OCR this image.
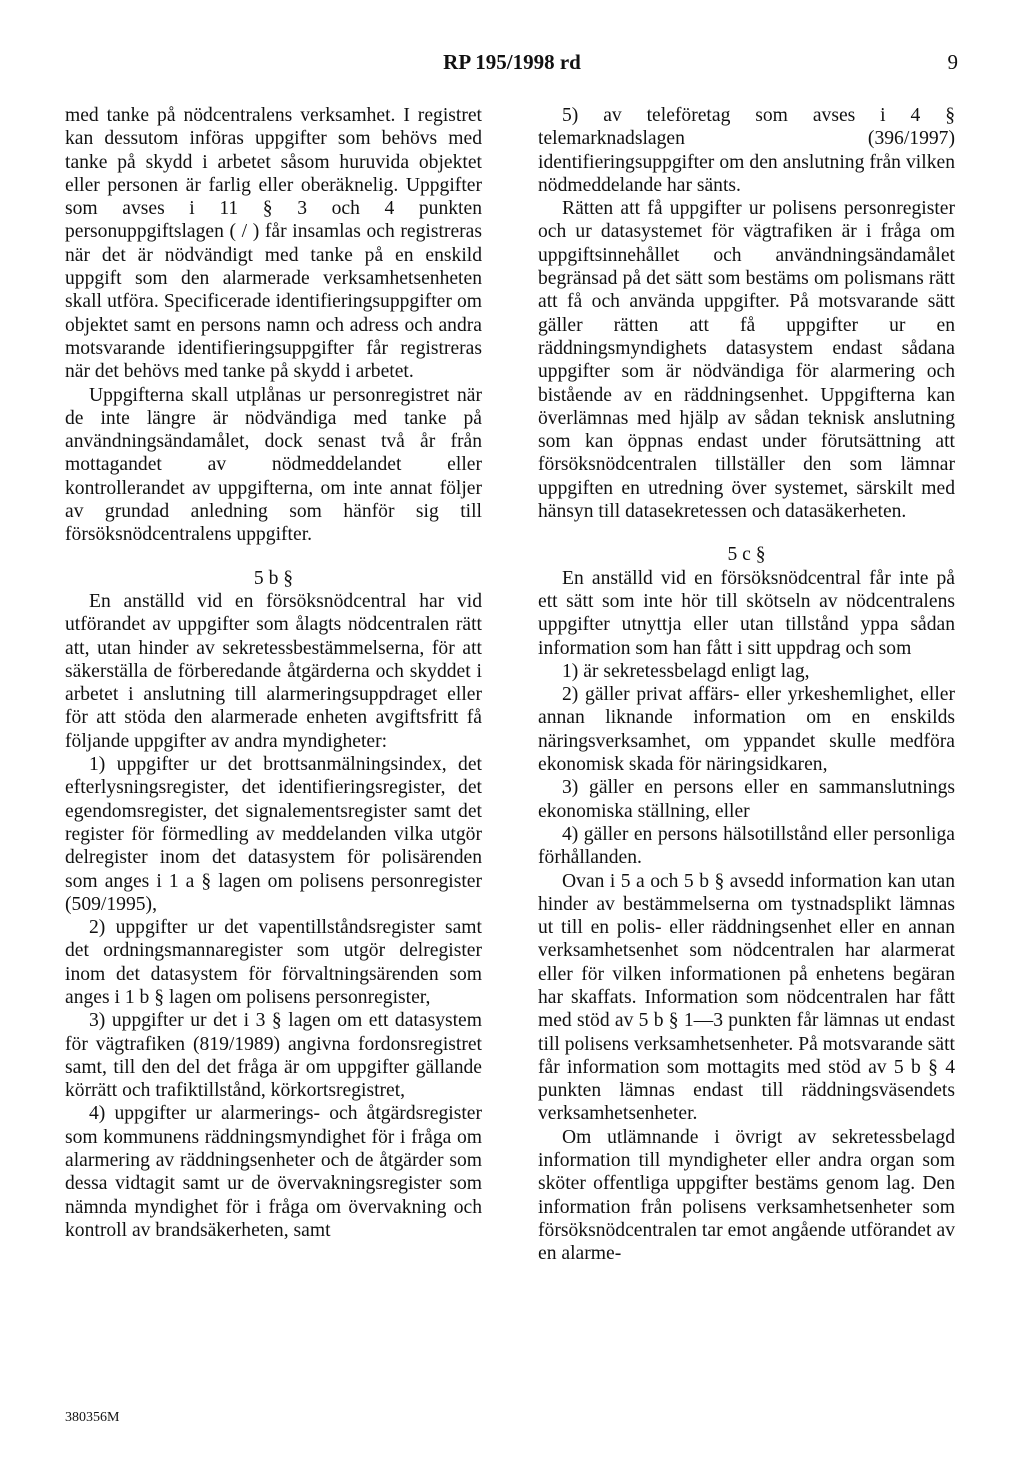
RP 195/1998 rd	9

med tanke på nödcentralens verksamhet. I registret kan dessutom införas uppgifter som behövs med tanke på skydd i arbetet såsom huruvida objektet eller personen är farlig eller oberäknelig. Uppgifter som avses i 11 § 3 och 4 punkten personuppgiftslagen ( / ) får insamlas och registreras när det är nödvändigt med tanke på en enskild uppgift som den alarmerade verksamhetsenheten skall utföra. Specificerade identifieringsuppgifter om objektet samt en persons namn och adress och andra motsvarande identifieringsuppgifter får registreras när det behövs med tanke på skydd i arbetet.

Uppgifterna skall utplånas ur personregistret när de inte längre är nödvändiga med tanke på användningsändamålet, dock senast två år från mottagandet av nödmeddelandet eller kontrollerandet av uppgifterna, om inte annat följer av grundad anledning som hänför sig till försöksnödcentralens uppgifter.

5 b §

En anställd vid en försöksnödcentral har vid utförandet av uppgifter som ålagts nödcentralen rätt att, utan hinder av sekretessbestämmelserna, för att säkerställa de förberedande åtgärderna och skyddet i arbetet i anslutning till alarmeringsuppdraget eller för att stöda den alarmerade enheten avgiftsfritt få följande uppgifter av andra myndigheter:

1) uppgifter ur det brottsanmälningsindex, det efterlysningsregister, det identifieringsregister, det egendomsregister, det signalementsregister samt det register för förmedling av meddelanden vilka utgör delregister inom det datasystem för polisärenden som anges i 1 a § lagen om polisens personregister (509/1995),

2) uppgifter ur det vapentillståndsregister samt det ordningsmannaregister som utgör delregister inom det datasystem för förvaltningsärenden som anges i 1 b § lagen om polisens personregister,

3) uppgifter ur det i 3 § lagen om ett datasystem för vägtrafiken (819/1989) angivna fordonsregistret samt, till den del det fråga är om uppgifter gällande körrätt och trafiktillstånd, körkortsregistret,

4) uppgifter ur alarmerings- och åtgärdsregister som kommunens räddningsmyndighet för i fråga om alarmering av räddningsenheter och de åtgärder som dessa vidtagit samt ur de övervakningsregister som nämnda myndighet för i fråga om övervakning och kontroll av brandsäkerheten, samt

5) av teleföretag som avses i 4 § telemarknadslagen (396/1997) identifieringsuppgifter om den anslutning från vilken nödmeddelande har sänts.

Rätten att få uppgifter ur polisens personregister och ur datasystemet för vägtrafiken är i fråga om uppgiftsinnehållet och användningsändamålet begränsad på det sätt som bestäms om polismans rätt att få och använda uppgifter. På motsvarande sätt gäller rätten att få uppgifter ur en räddningsmyndighets datasystem endast sådana uppgifter som är nödvändiga för alarmering och bistående av en räddningsenhet. Uppgifterna kan överlämnas med hjälp av sådan teknisk anslutning som kan öppnas endast under förutsättning att försöksnödcentralen tillställer den som lämnar uppgiften en utredning över systemet, särskilt med hänsyn till datasekretessen och datasäkerheten.

5 c §

En anställd vid en försöksnödcentral får inte på ett sätt som inte hör till skötseln av nödcentralens uppgifter utnyttja eller utan tillstånd yppa sådan information som han fått i sitt uppdrag och som

1) är sekretessbelagd enligt lag,

2) gäller privat affärs- eller yrkeshemlighet, eller annan liknande information om en enskilds näringsverksamhet, om yppandet skulle medföra ekonomisk skada för näringsidkaren,

3) gäller en persons eller en sammanslutnings ekonomiska ställning, eller

4) gäller en persons hälsotillstånd eller personliga förhållanden.

Ovan i 5 a och 5 b § avsedd information kan utan hinder av bestämmelserna om tystnadsplikt lämnas ut till en polis- eller räddningsenhet eller en annan verksamhetsenhet som nödcentralen har alarmerat eller för vilken informationen på enhetens begäran har skaffats. Information som nödcentralen har fått med stöd av 5 b § 1—3 punkten får lämnas ut endast till polisens verksamhetsenheter. På motsvarande sätt får information som mottagits med stöd av 5 b § 4 punkten lämnas endast till räddningsväsendets verksamhetsenheter.

Om utlämnande i övrigt av sekretessbelagd information till myndigheter eller andra organ som sköter offentliga uppgifter bestäms genom lag. Den information från polisens verksamhetsenheter som försöksnödcentralen tar emot angående utförandet av en alarme-

380356M
